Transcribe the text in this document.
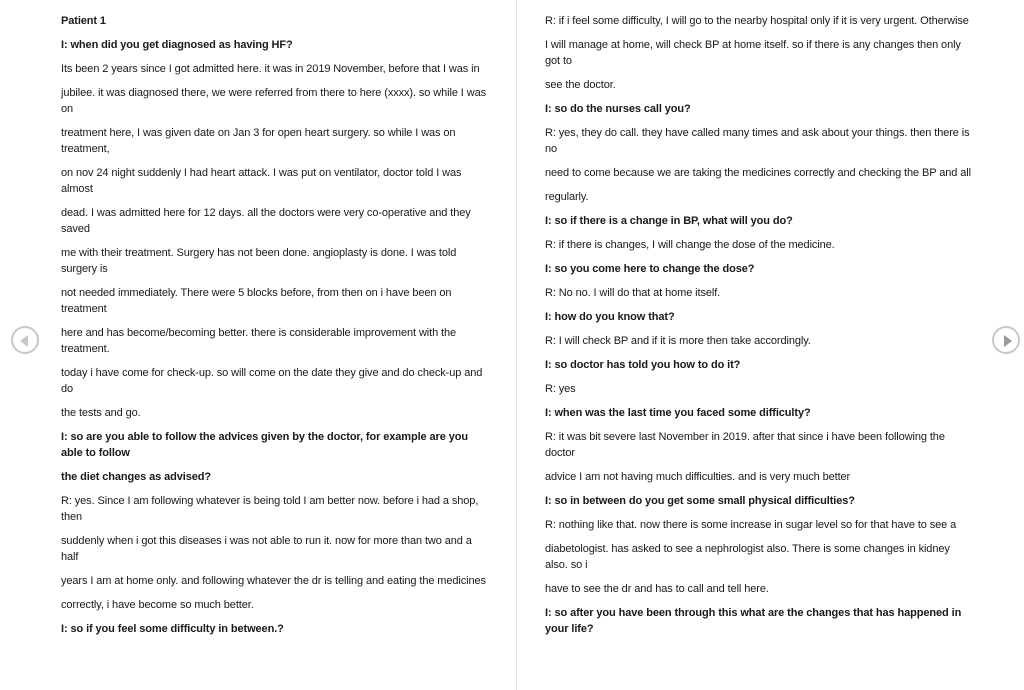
Patient 1

I: when did you get diagnosed as having HF?

Its been 2 years since I got admitted here. it was in 2019 November, before that I was in

jubilee. it was diagnosed there, we were referred from there to here (xxxx). so while I was on

treatment here, I was given date on Jan 3 for open heart surgery. so while I was on treatment,

on nov 24 night suddenly I had heart attack. I was put on ventilator, doctor told I was almost

dead. I was admitted here for 12 days. all the doctors were very co-operative and they saved

me with their treatment. Surgery has not been done. angioplasty is done. I was told surgery is

not needed immediately. There were 5 blocks before, from then on i have been on treatment

here and has become/becoming better. there is considerable improvement with the treatment.

today i have come for check-up. so will come on the date they give and do check-up and do

the tests and go.

I: so are you able to follow the advices given by the doctor, for example are you able to follow

the diet changes as advised?

R: yes. Since I am following whatever is being told I am better now. before i had a shop, then

suddenly when i got this diseases i was not able to run it. now for more than two and a half

years I am at home only. and following whatever the dr is telling and eating the medicines

correctly, i have become so much better.

I: so if you feel some difficulty in between.?

R: if i feel some difficulty, I will go to the nearby hospital only if it is very urgent. Otherwise

I will manage at home, will check BP at home itself. so if there is any changes then only got to

see the doctor.

I: so do the nurses call you?

R: yes, they do call. they have called many times and ask about your things. then there is no

need to come because we are taking the medicines correctly and checking the BP and all

regularly.

I: so if there is a change in BP, what will you do?

R: if there is changes, I will change the dose of the medicine.

I: so you come here to change the dose?

R: No no. I will do that at home itself.

I: how do you know that?

R: I will check BP and if it is more then take accordingly.

I: so doctor has told you how to do it?

R: yes

I: when was the last time you faced some difficulty?

R: it was bit severe last November in 2019. after that since i have been following the doctor

advice I am not having much difficulties. and is very much better

I: so in between do you get some small physical difficulties?

R: nothing like that. now there is some increase in sugar level so for that have to see a

diabetologist. has asked to see a nephrologist also. There is some changes in kidney also. so i

have to see the dr and has to call and tell here.

I: so after you have been through this what are the changes that has happened in your life?
